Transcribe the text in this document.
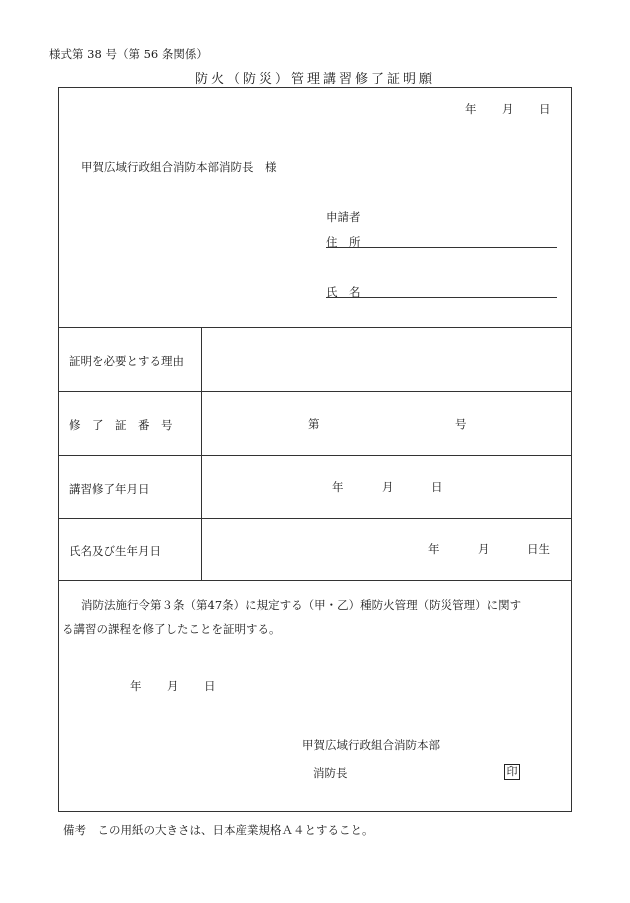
様式第 38 号（第 56 条関係）
防火（防災）管理講習修了証明願
年 月 日
甲賀広域行政組合消防本部消防長　様
申請者
住　所
氏　名
証明を必要とする理由
修　了　証　番　号	第	号
講習修了年月日	年	月	日
氏名及び生年月日	年	月	日生
消防法施行令第３条（第47条）に規定する（甲・乙）種防火管理（防災管理）に関す
る講習の課程を修了したことを証明する。
年 月 日
甲賀広域行政組合消防本部
消防長	印
備考　この用紙の大きさは、日本産業規格Ａ４とすること。
